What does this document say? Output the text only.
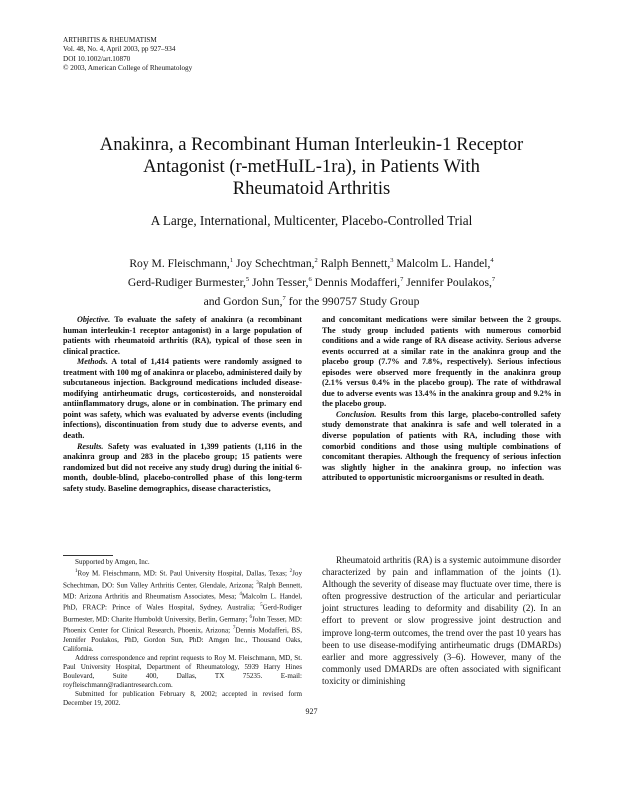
ARTHRITIS & RHEUMATISM
Vol. 48, No. 4, April 2003, pp 927–934
DOI 10.1002/art.10870
© 2003, American College of Rheumatology
Anakinra, a Recombinant Human Interleukin-1 Receptor
Antagonist (r-metHuIL-1ra), in Patients With
Rheumatoid Arthritis
A Large, International, Multicenter, Placebo-Controlled Trial
Roy M. Fleischmann,$^1$ Joy Schechtman,$^2$ Ralph Bennett,$^3$ Malcolm L. Handel,$^4$
Gerd-Rudiger Burmester,$^5$ John Tesser,$^6$ Dennis Modafferi,$^7$ Jennifer Poulakos,$^7$
and Gordon Sun,$^7$ for the 990757 Study Group

Objective. To evaluate the safety of anakinra (a recombinant human interleukin-1 receptor antagonist) in a large population of patients with rheumatoid arthritis (RA), typical of those seen in clinical practice.

Methods. A total of 1,414 patients were randomly assigned to treatment with 100 mg of anakinra or placebo, administered daily by subcutaneous injection. Background medications included disease-modifying antirheumatic drugs, corticosteroids, and nonsteroidal antiinflammatory drugs, alone or in combination. The primary end point was safety, which was evaluated by adverse events (including infections), discontinuation from study due to adverse events, and death.

Results. Safety was evaluated in 1,399 patients (1,116 in the anakinra group and 283 in the placebo group; 15 patients were randomized but did not receive any study drug) during the initial 6-month, double-blind, placebo-controlled phase of this long-term safety study. Baseline demographics, disease characteristics,

and concomitant medications were similar between the 2 groups. The study group included patients with numerous comorbid conditions and a wide range of RA disease activity. Serious adverse events occurred at a similar rate in the anakinra group and the placebo group (7.7% and 7.8%, respectively). Serious infectious episodes were observed more frequently in the anakinra group (2.1% versus 0.4% in the placebo group). The rate of withdrawal due to adverse events was 13.4% in the anakinra group and 9.2% in the placebo group.

Conclusion. Results from this large, placebo-controlled safety study demonstrate that anakinra is safe and well tolerated in a diverse population of patients with RA, including those with comorbid conditions and those using multiple combinations of concomitant therapies. Although the frequency of serious infection was slightly higher in the anakinra group, no infection was attributed to opportunistic microorganisms or resulted in death.

Supported by Amgen, Inc.

$^1$Roy M. Fleischmann, MD: St. Paul University Hospital, Dallas, Texas; $^2$Joy Schechtman, DO: Sun Valley Arthritis Center, Glendale, Arizona; $^3$Ralph Bennett, MD: Arizona Arthritis and Rheumatism Associates, Mesa; $^4$Malcolm L. Handel, PhD, FRACP: Prince of Wales Hospital, Sydney, Australia; $^5$Gerd-Rudiger Burmester, MD: Charite Humboldt University, Berlin, Germany; $^6$John Tesser, MD: Phoenix Center for Clinical Research, Phoenix, Arizona; $^7$Dennis Modafferi, BS, Jennifer Poulakos, PhD, Gordon Sun, PhD: Amgen Inc., Thousand Oaks, California.

Address correspondence and reprint requests to Roy M. Fleischmann, MD, St. Paul University Hospital, Department of Rheumatology, 5939 Harry Hines Boulevard, Suite 400, Dallas, TX 75235. E-mail: royfleischmann@radiantresearch.com.

Submitted for publication February 8, 2002; accepted in revised form December 19, 2002.

Rheumatoid arthritis (RA) is a systemic autoimmune disorder characterized by pain and inflammation of the joints (1). Although the severity of disease may fluctuate over time, there is often progressive destruction of the articular and periarticular joint structures leading to deformity and disability (2). In an effort to prevent or slow progressive joint destruction and improve long-term outcomes, the trend over the past 10 years has been to use disease-modifying antirheumatic drugs (DMARDs) earlier and more aggressively (3–6). However, many of the commonly used DMARDs are often associated with significant toxicity or diminishing

927
